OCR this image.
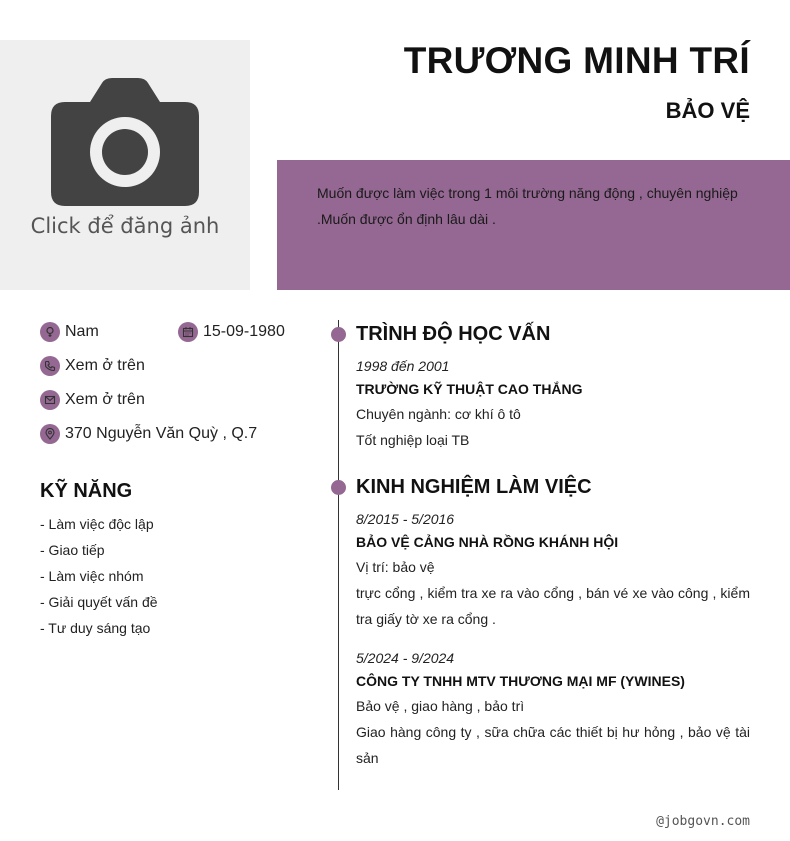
Click để đăng ảnh
TRƯƠNG MINH TRÍ
BẢO VỆ
Muốn được làm việc trong 1 môi trường năng động , chuyên nghiệp .Muốn được ổn định lâu dài .
Nam	15-09-1980
Xem ở trên
Xem ở trên
370 Nguyễn Văn Quỳ , Q.7
KỸ NĂNG
- Làm việc độc lập
- Giao tiếp
- Làm việc nhóm
- Giải quyết vấn đề
- Tư duy sáng tạo
TRÌNH ĐỘ HỌC VẤN
1998 đến 2001
TRƯỜNG KỸ THUẬT CAO THẮNG
Chuyên ngành: cơ khí ô tô
Tốt nghiệp loại TB
KINH NGHIỆM LÀM VIỆC
8/2015 - 5/2016
BẢO VỆ CẢNG NHÀ RỒNG KHÁNH HỘI
Vị trí: bảo vệ
trực cổng , kiểm tra xe ra vào cổng , bán vé xe vào công , kiểm tra giấy tờ xe ra cổng .
5/2024 - 9/2024
CÔNG TY TNHH MTV THƯƠNG MẠI MF (YWINES)
Bảo vệ , giao hàng , bảo trì
Giao hàng công ty , sữa chữa các thiết bị hư hỏng , bảo vệ tài sản
@jobgovn.com
